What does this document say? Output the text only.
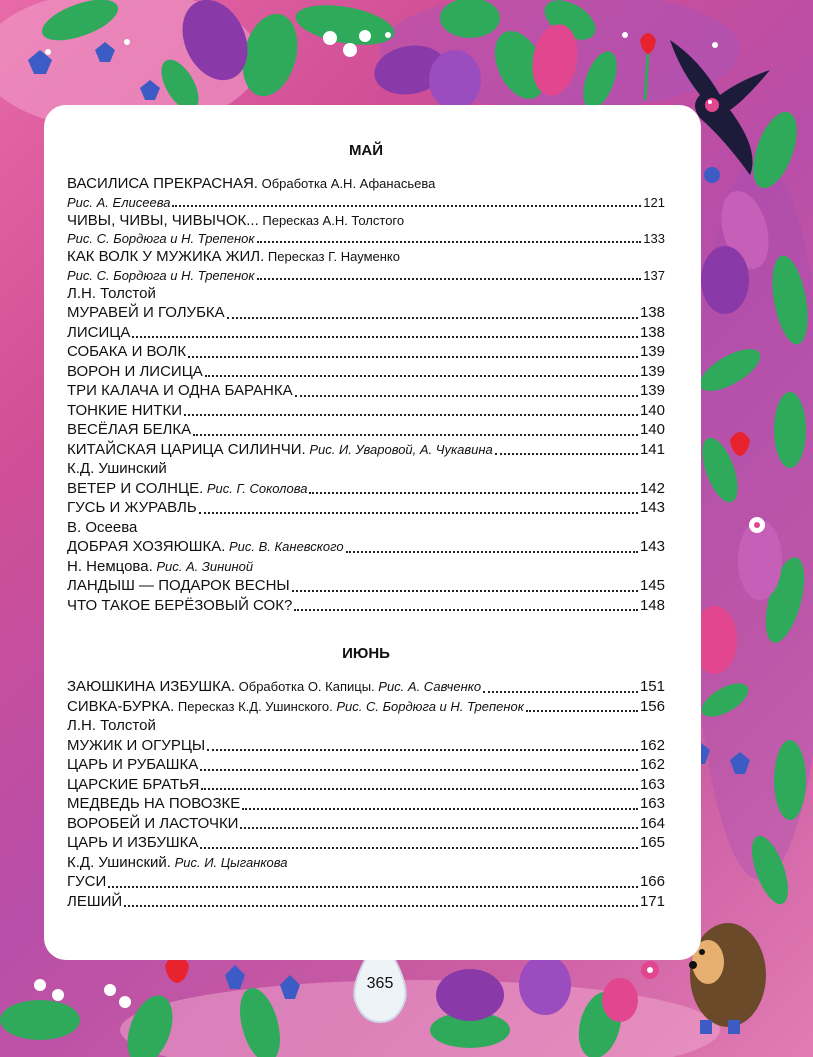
МАЙ
ВАСИЛИСА ПРЕКРАСНАЯ. Обработка А.Н. Афанасьева
Рис. А. Елисеева	121
ЧИВЫ, ЧИВЫ, ЧИВЫЧОК... Пересказ А.Н. Толстого
Рис. С. Бордюга и Н. Трепенок	133
КАК ВОЛК У МУЖИКА ЖИЛ. Пересказ Г. Науменко
Рис. С. Бордюга и Н. Трепенок	137
Л.Н. Толстой
МУРАВЕЙ И ГОЛУБКА	138
ЛИСИЦА	138
СОБАКА И ВОЛК	139
ВОРОН И ЛИСИЦА	139
ТРИ КАЛАЧА И ОДНА БАРАНКА	139
ТОНКИЕ НИТКИ	140
ВЕСЁЛАЯ БЕЛКА	140
КИТАЙСКАЯ ЦАРИЦА СИЛИНЧИ. Рис. И. Уваровой, А. Чукавина	141
К.Д. Ушинский
ВЕТЕР И СОЛНЦЕ. Рис. Г. Соколова	142
ГУСЬ И ЖУРАВЛЬ	143
В. Осеева
ДОБРАЯ ХОЗЯЮШКА. Рис. В. Каневского	143
Н. Немцова. Рис. А. Зининой
ЛАНДЫШ — ПОДАРОК ВЕСНЫ	145
ЧТО ТАКОЕ БЕРЁЗОВЫЙ СОК?	148
ИЮНЬ
ЗАЮШКИНА ИЗБУШКА. Обработка О. Капицы. Рис. А. Савченко	151
СИВКА-БУРКА. Пересказ К.Д. Ушинского. Рис. С. Бордюга и Н. Трепенок	156
Л.Н. Толстой
МУЖИК И ОГУРЦЫ	162
ЦАРЬ И РУБАШКА	162
ЦАРСКИЕ БРАТЬЯ	163
МЕДВЕДЬ НА ПОВОЗКЕ	163
ВОРОБЕЙ И ЛАСТОЧКИ	164
ЦАРЬ И ИЗБУШКА	165
К.Д. Ушинский. Рис. И. Цыганкова
ГУСИ	166
ЛЕШИЙ	171
365
